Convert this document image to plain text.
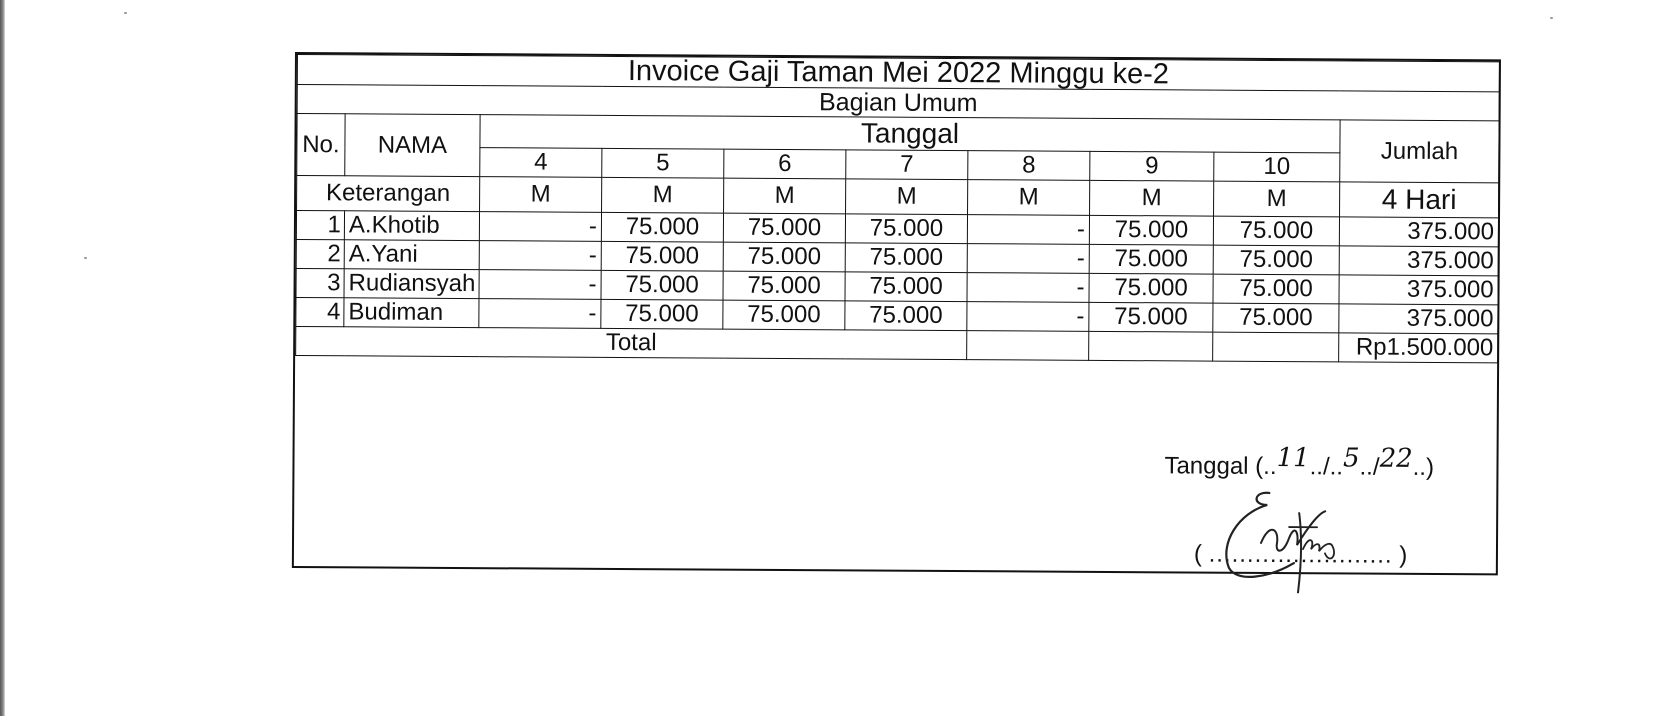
Invoice Gaji Taman Mei 2022 Minggu ke-2									
Bagian Umum									
No.	NAMA	Tanggal							Jumlah
		4	5	6	7	8	9	10	
Keterangan		M	M	M	M	M	M	M	4 Hari
1	A.Khotib	-	75.000	75.000	75.000	-	75.000	75.000	375.000
2	A.Yani	-	75.000	75.000	75.000	-	75.000	75.000	375.000
3	Rudiansyah	-	75.000	75.000	75.000	-	75.000	75.000	375.000
4	Budiman	-	75.000	75.000	75.000	-	75.000	75.000	375.000
Total									Rp1.500.000
Tanggal (..11../..5../22..)
( ........................ )
